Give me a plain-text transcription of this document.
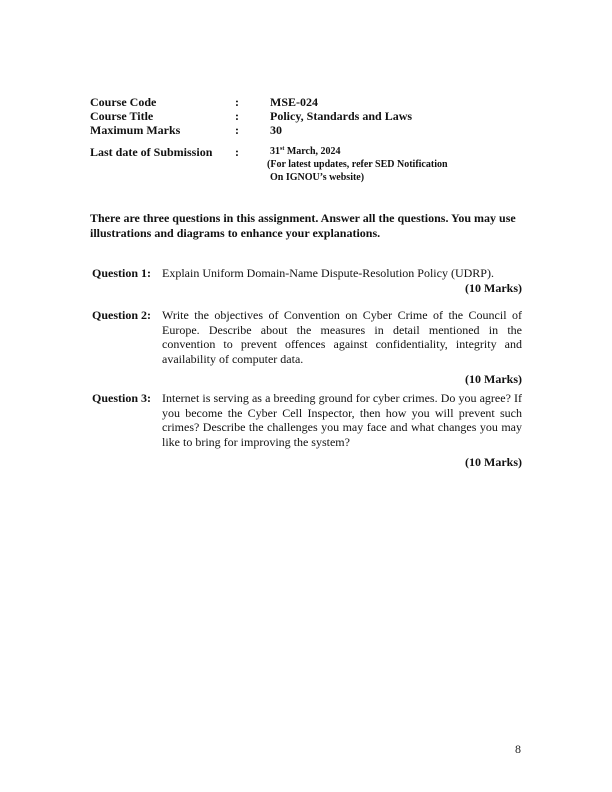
Course Code	:	MSE-024
Course Title	:	Policy, Standards and Laws
Maximum Marks	:	30
Last date of Submission :	31st March, 2024
(For latest updates, refer SED Notification
On IGNOU’s website)
There are three questions in this assignment. Answer all the questions. You may use illustrations and diagrams to enhance your explanations.
Question 1: Explain Uniform Domain-Name Dispute-Resolution Policy (UDRP).
(10 Marks)
Question 2: Write the objectives of Convention on Cyber Crime of the Council of Europe. Describe about the measures in detail mentioned in the convention to prevent offences against confidentiality, integrity and availability of computer data.
(10 Marks)
Question 3: Internet is serving as a breeding ground for cyber crimes. Do you agree? If you become the Cyber Cell Inspector, then how you will prevent such crimes? Describe the challenges you may face and what changes you may like to bring for improving the system?
(10 Marks)
8
